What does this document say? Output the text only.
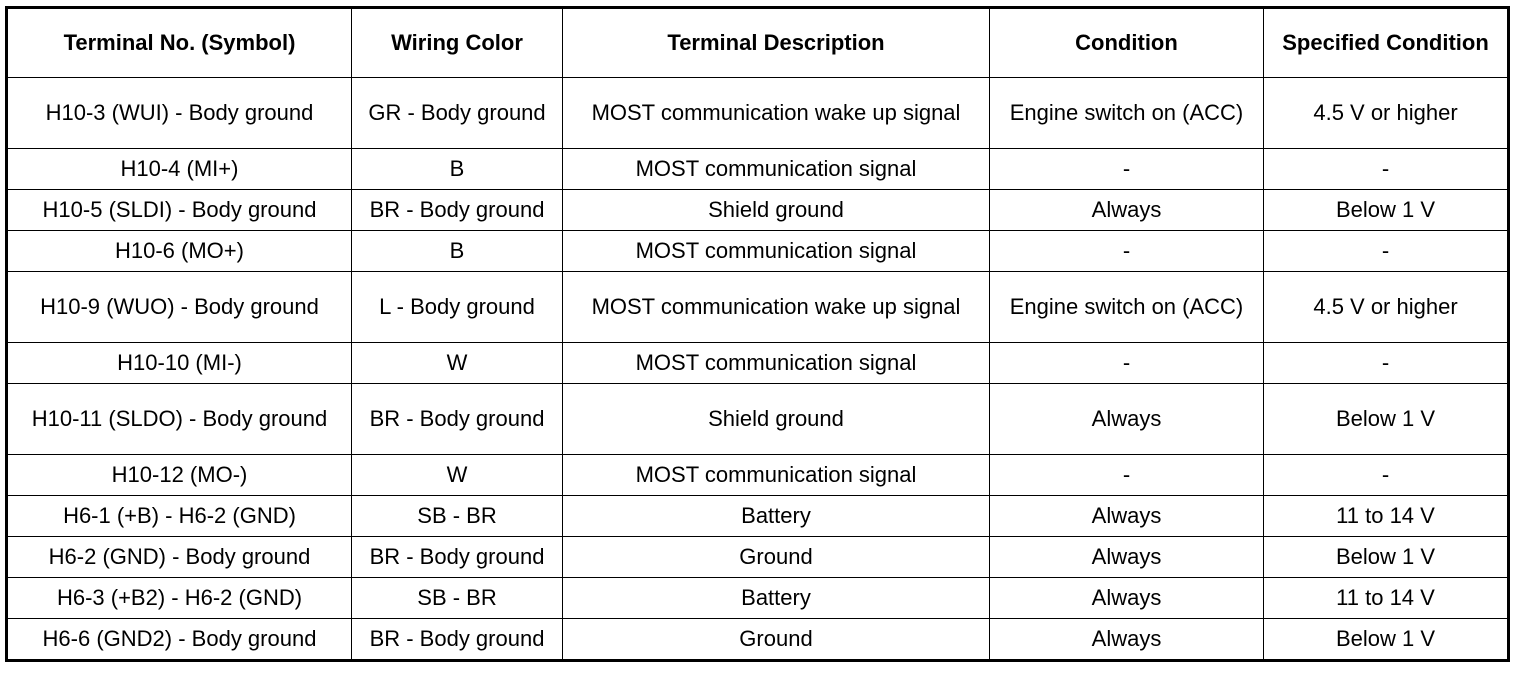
Terminal No. (Symbol)	Wiring Color	Terminal Description	Condition	Specified Condition
H10-3 (WUI) - Body ground	GR - Body ground	MOST communication wake up signal	Engine switch on (ACC)	4.5 V or higher
H10-4 (MI+)	B	MOST communication signal	-	-
H10-5 (SLDI) - Body ground	BR - Body ground	Shield ground	Always	Below 1 V
H10-6 (MO+)	B	MOST communication signal	-	-
H10-9 (WUO) - Body ground	L - Body ground	MOST communication wake up signal	Engine switch on (ACC)	4.5 V or higher
H10-10 (MI-)	W	MOST communication signal	-	-
H10-11 (SLDO) - Body ground	BR - Body ground	Shield ground	Always	Below 1 V
H10-12 (MO-)	W	MOST communication signal	-	-
H6-1 (+B) - H6-2 (GND)	SB - BR	Battery	Always	11 to 14 V
H6-2 (GND) - Body ground	BR - Body ground	Ground	Always	Below 1 V
H6-3 (+B2) - H6-2 (GND)	SB - BR	Battery	Always	11 to 14 V
H6-6 (GND2) - Body ground	BR - Body ground	Ground	Always	Below 1 V
